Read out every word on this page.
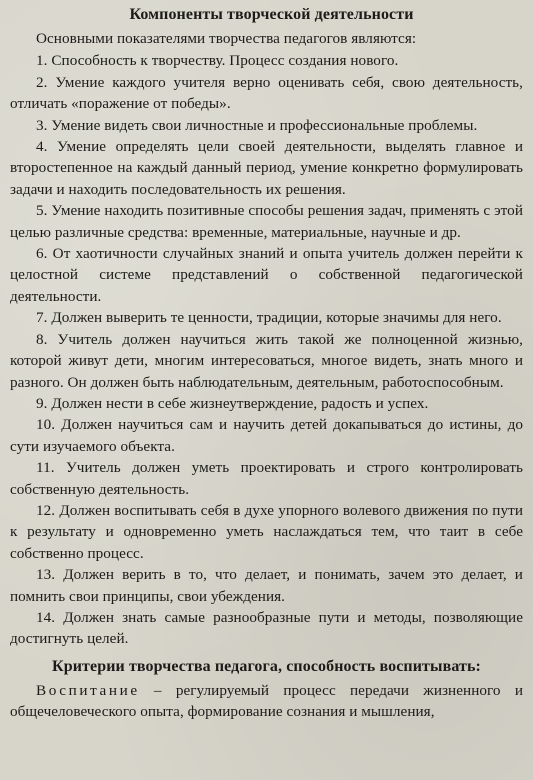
Компоненты творческой деятельности

Основными показателями творчества педагогов являются:

1. Способность к творчеству. Процесс создания нового.

2. Умение каждого учителя верно оценивать себя, свою деятельность, отличать «поражение от победы».

3. Умение видеть свои личностные и профессиональные проблемы.

4. Умение определять цели своей деятельности, выделять главное и второстепенное на каждый данный период, умение конкретно формулировать задачи и находить последовательность их решения.

5. Умение находить позитивные способы решения задач, применять с этой целью различные средства: временные, материальные, научные и др.

6. От хаотичности случайных знаний и опыта учитель должен перейти к целостной системе представлений о собственной педагогической деятельности.

7. Должен выверить те ценности, традиции, которые значимы для него.

8. Учитель должен научиться жить такой же полноценной жизнью, которой живут дети, многим интересоваться, многое видеть, знать много и разного. Он должен быть наблюдательным, деятельным, работоспособным.

9. Должен нести в себе жизнеутверждение, радость и успех.

10. Должен научиться сам и научить детей докапываться до истины, до сути изучаемого объекта.

11. Учитель должен уметь проектировать и строго контролировать собственную деятельность.

12. Должен воспитывать себя в духе упорного волевого движения по пути к результату и одновременно уметь наслаждаться тем, что таит в себе собственно процесс.

13. Должен верить в то, что делает, и понимать, зачем это делает, и помнить свои принципы, свои убеждения.

14. Должен знать самые разнообразные пути и методы, позволяющие достигнуть целей.

Критерии творчества педагога, способность воспитывать:

Воспитание – регулируемый процесс передачи жизненного и общечеловеческого опыта, формирование сознания и мышления,
